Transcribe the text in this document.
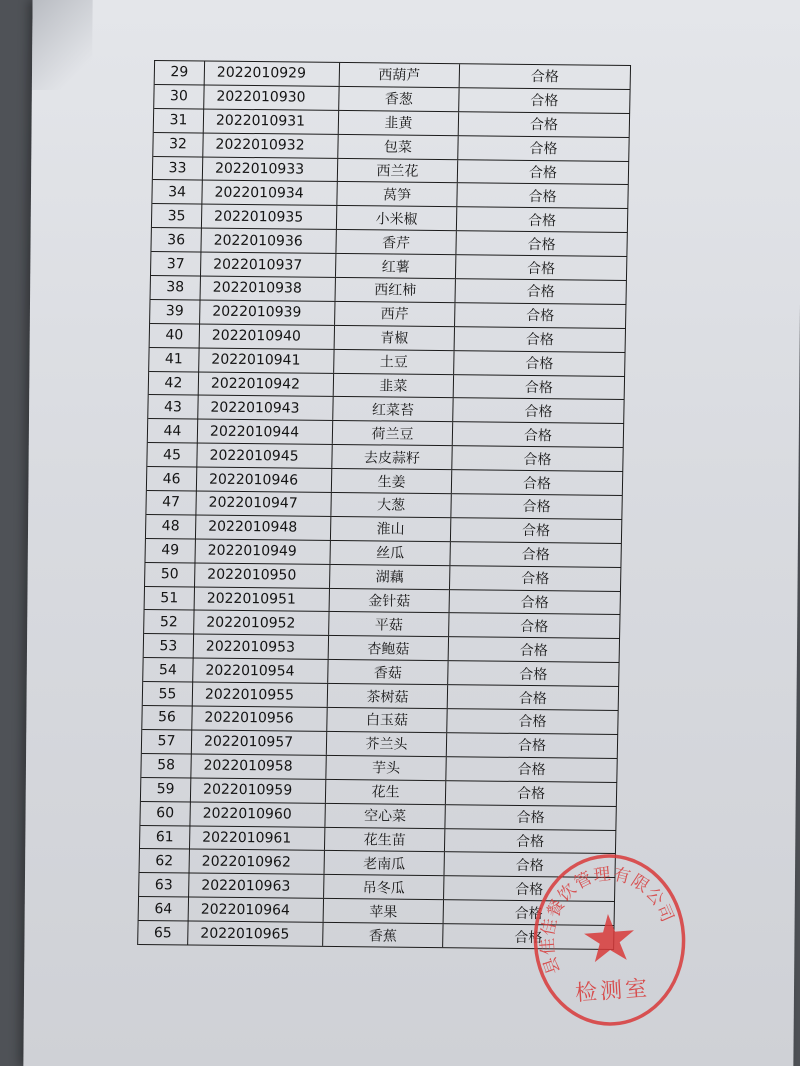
29	2022010929	西葫芦	合格
30	2022010930	香葱	合格
31	2022010931	韭黄	合格
32	2022010932	包菜	合格
33	2022010933	西兰花	合格
34	2022010934	莴笋	合格
35	2022010935	小米椒	合格
36	2022010936	香芹	合格
37	2022010937	红薯	合格
38	2022010938	西红柿	合格
39	2022010939	西芹	合格
40	2022010940	青椒	合格
41	2022010941	土豆	合格
42	2022010942	韭菜	合格
43	2022010943	红菜苔	合格
44	2022010944	荷兰豆	合格
45	2022010945	去皮蒜籽	合格
46	2022010946	生姜	合格
47	2022010947	大葱	合格
48	2022010948	淮山	合格
49	2022010949	丝瓜	合格
50	2022010950	湖藕	合格
51	2022010951	金针菇	合格
52	2022010952	平菇	合格
53	2022010953	杏鲍菇	合格
54	2022010954	香菇	合格
55	2022010955	茶树菇	合格
56	2022010956	白玉菇	合格
57	2022010957	芥兰头	合格
58	2022010958	芋头	合格
59	2022010959	花生	合格
60	2022010960	空心菜	合格
61	2022010961	花生苗	合格
62	2022010962	老南瓜	合格
63	2022010963	吊冬瓜	合格
64	2022010964	苹果	合格
65	2022010965	香蕉	合格
县佳佳餐饮管理有限公司
检测室
